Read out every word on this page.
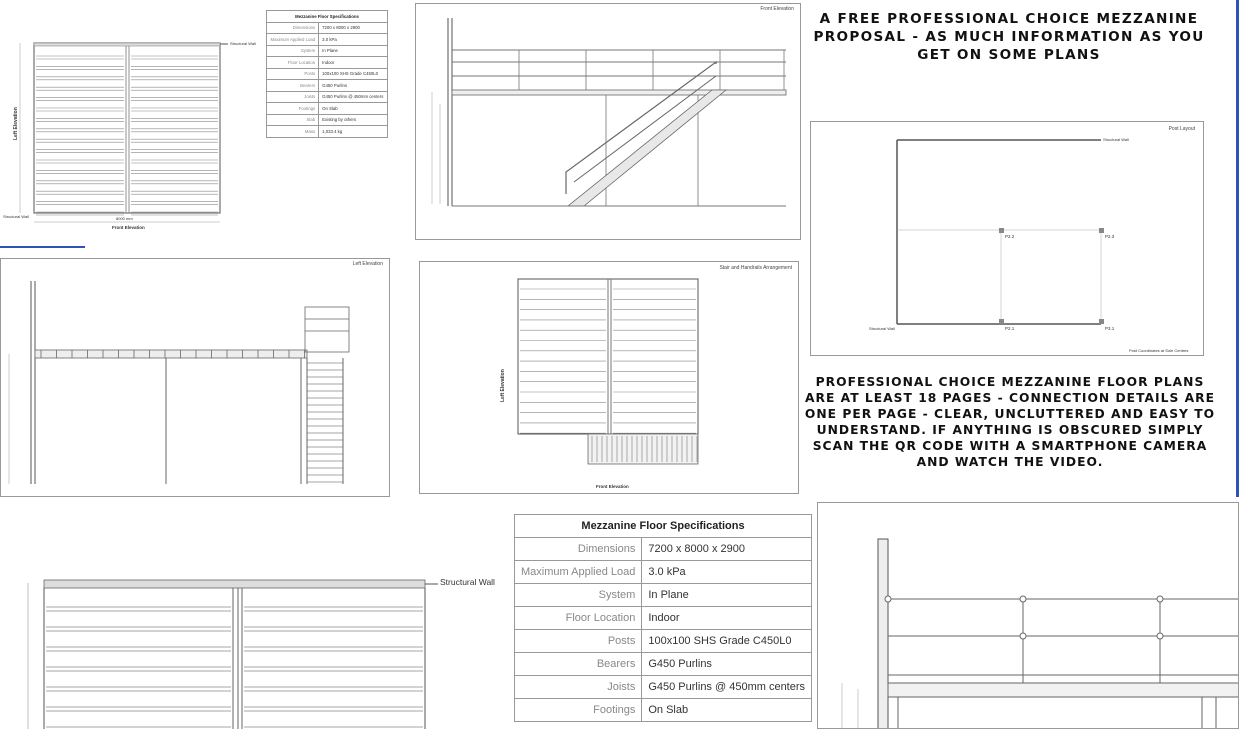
Left Elevation
8000 mm
Front Elevation
Structural Wall
Structural Wall
Mezzanine Floor Specifications	
Dimensions	7200 x 8000 x 2900
Maximum Applied Load	3.0 kPa
System	In Plane
Floor Location	Indoor
Posts	100x100 SHS Grade C450L0
Bearers	G450 Purlins
Joists	G450 Purlins @ 450mm centers
Footings	On Slab
Slab	Existing by others
Mass	1,033.4 kg
Front Elevation
Left Elevation
Stair and Handrails Arrangement
Left Elevation
Front Elevation
A FREE PROFESSIONAL CHOICE MEZZANINE PROPOSAL - AS MUCH INFORMATION AS YOU GET ON SOME PLANS
Post Layout
P2.2	P2.3
P2.1	P3.1
Structural Wall
Structural Wall
Post Coordinates at Sole Centres
PROFESSIONAL CHOICE MEZZANINE FLOOR PLANS ARE AT LEAST 18 PAGES - CONNECTION DETAILS ARE ONE PER PAGE - CLEAR, UNCLUTTERED AND EASY TO UNDERSTAND. IF ANYTHING IS OBSCURED SIMPLY SCAN THE QR CODE WITH A SMARTPHONE CAMERA AND WATCH THE VIDEO.
Structural Wall
Mezzanine Floor Specifications	
Dimensions	7200 x 8000 x 2900
Maximum Applied Load	3.0 kPa
System	In Plane
Floor Location	Indoor
Posts	100x100 SHS Grade C450L0
Bearers	G450 Purlins
Joists	G450 Purlins @ 450mm centers
Footings	On Slab
